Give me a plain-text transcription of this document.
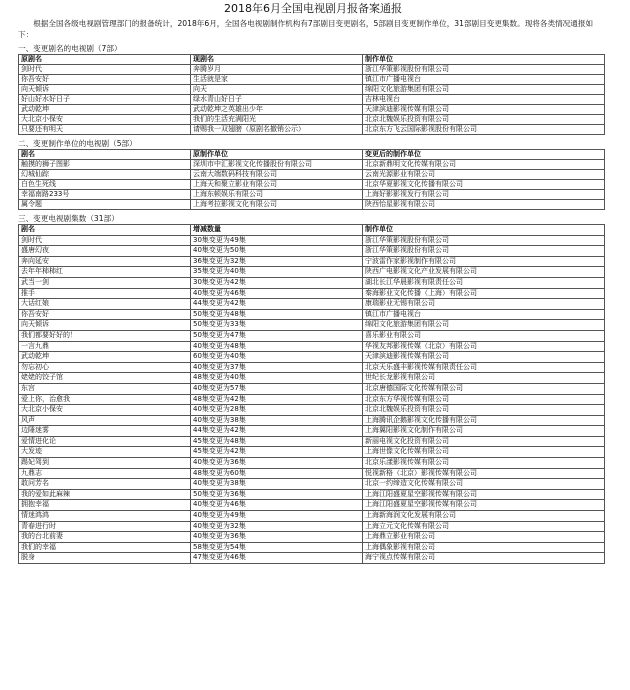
2018年6月全国电视剧月报备案通报
根据全国各级电视剧管理部门的报备统计，2018年6月，全国各电视剧制作机构有7部剧目变更剧名，5部剧目变更制作单位，31部剧目变更集数。现将各类情况通报如下：
一、变更剧名的电视剧（7部）
原剧名	现剧名	制作单位
剑时代	奔腾岁月	浙江华策影视股份有限公司
你吾安好	生活就是家	镇江市广播电视台
向天倾诉	向天	绵阳文化旅游集团有限公司
好山好水好日子	绿水青山好日子	吉林电视台
武动乾坤	武动乾坤之英雄出少年	天津滨迪影视传媒有限公司
大北京小保安	我们的生活充满阳光	北京北魏娱乐投资有限公司
只要还有明天	请赐我一双翅膀（原剧名撤销公示）	北京东方飞云国际影视股份有限公司
二、变更制作单位的电视剧（5部）
剧名	原制作单位	变更后的制作单位
触摸的狮子图影	深圳市中汇影视文化传播股份有限公司	北京新鼎明文化传媒有限公司
幻城仙踪	云南大端数码科技有限公司	云南光源影业有限公司
白色生死线	上海天和聚立影业有限公司	北京华夏影视文化传播有限公司
幸福南路233号	上海东顿娱乐有限公司	上海好影影视发行有限公司
属令题	上海考拉影视文化有限公司	陕西怡星影视有限公司
三、变更电视剧集数（31部）
剧名	增减数量	制作单位
剑时代	30集变更为49集	浙江华策影视股份有限公司
盛唐幻夜	40集变更为50集	浙江华策影视股份有限公司
奔向延安	36集变更为32集	宁波雷作家影视制作有限公司
去年年柿柿红	35集变更为40集	陕西广电影视文化产业发展有限公司
武当一剑	30集变更为42集	湖北长江华晨影视有限责任公司
推手	40集变更为46集	秦海影业文化传播（上海）有限公司
大话红娘	44集变更为42集	康瑞影业无锡有限公司
你吾安好	50集变更为48集	镇江市广播电视台
向天倾诉	50集变更为33集	绵阳文化旅游集团有限公司
我们都要好好的！	50集变更为47集	喜乐影业有限公司
一言九鼎	40集变更为48集	华视友邦影视传媒（北京）有限公司
武动乾坤	60集变更为40集	天津滨迪影视传媒有限公司
勿忘初心	40集变更为37集	北京天乐盛丰影视传媒有限责任公司
姥姥的饺子馆	48集变更为40集	世纪长龙影视有限公司
东宫	40集变更为57集	北京唐德国际文化传媒有限公司
爱上你，治愈我	48集变更为42集	北京东方华视传媒有限公司
大北京小保安	40集变更为28集	北京北魏娱乐投资有限公司
风声	40集变更为38集	上海腾讯企鹅影视文化传播有限公司
边陲迷雾	44集变更为42集	上海翼阳影视文化制作有限公司
爱情进化论	45集变更为48集	新丽电视文化投资有限公司
大发迹	45集变更为42集	上海世像文化传媒有限公司
踢妃驾到	40集变更为36集	北京乐漾影视传媒有限公司
九鼎志	48集变更为60集	悦视新格（北京）影视传媒有限公司
敢问芳名	40集变更为38集	北京一约缔造文化传媒有限公司
我的爱如此麻辣	50集变更为36集	上海江阳盛夏星空影视传媒有限公司
拥抱幸福	40集变更为46集	上海江阳盛夏星空影视传媒有限公司
情迷鸿鸿	40集变更为49集	上海新海润文化发展有限公司
青春进行时	40集变更为32集	上海立元文化传媒有限公司
我的台北前妻	40集变更为36集	上海鼎立影业有限公司
我们的幸福	58集变更为54集	上海偶象影视有限公司
脱身	47集变更为46集	海宁视点传媒有限公司
